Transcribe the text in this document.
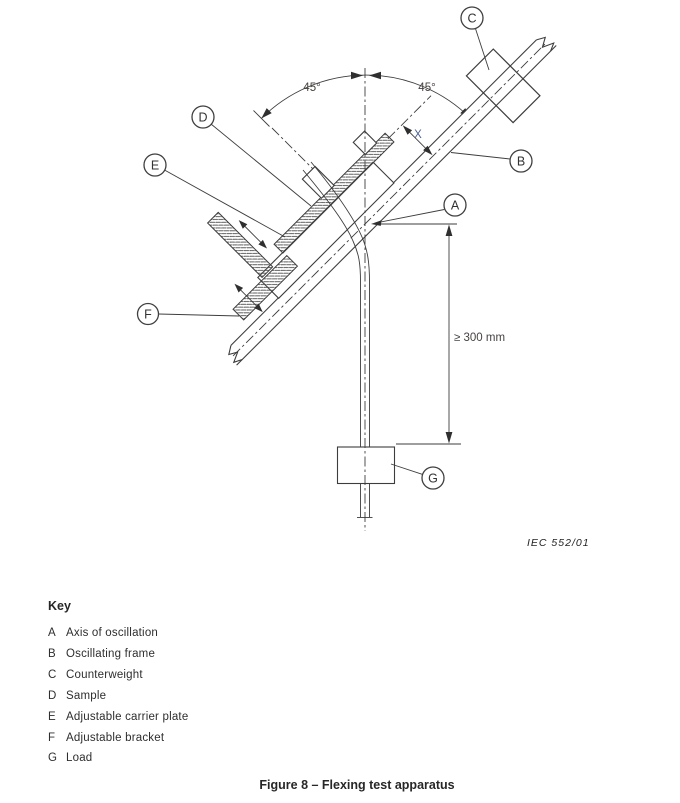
45°	45°
≥ 300 mm
X
A
B
C
D
E
F
G
IEC 552/01
Key
A Axis of oscillation
B Oscillating frame
C Counterweight
D Sample
E Adjustable carrier plate
F Adjustable bracket
G Load
Figure 8 – Flexing test apparatus
